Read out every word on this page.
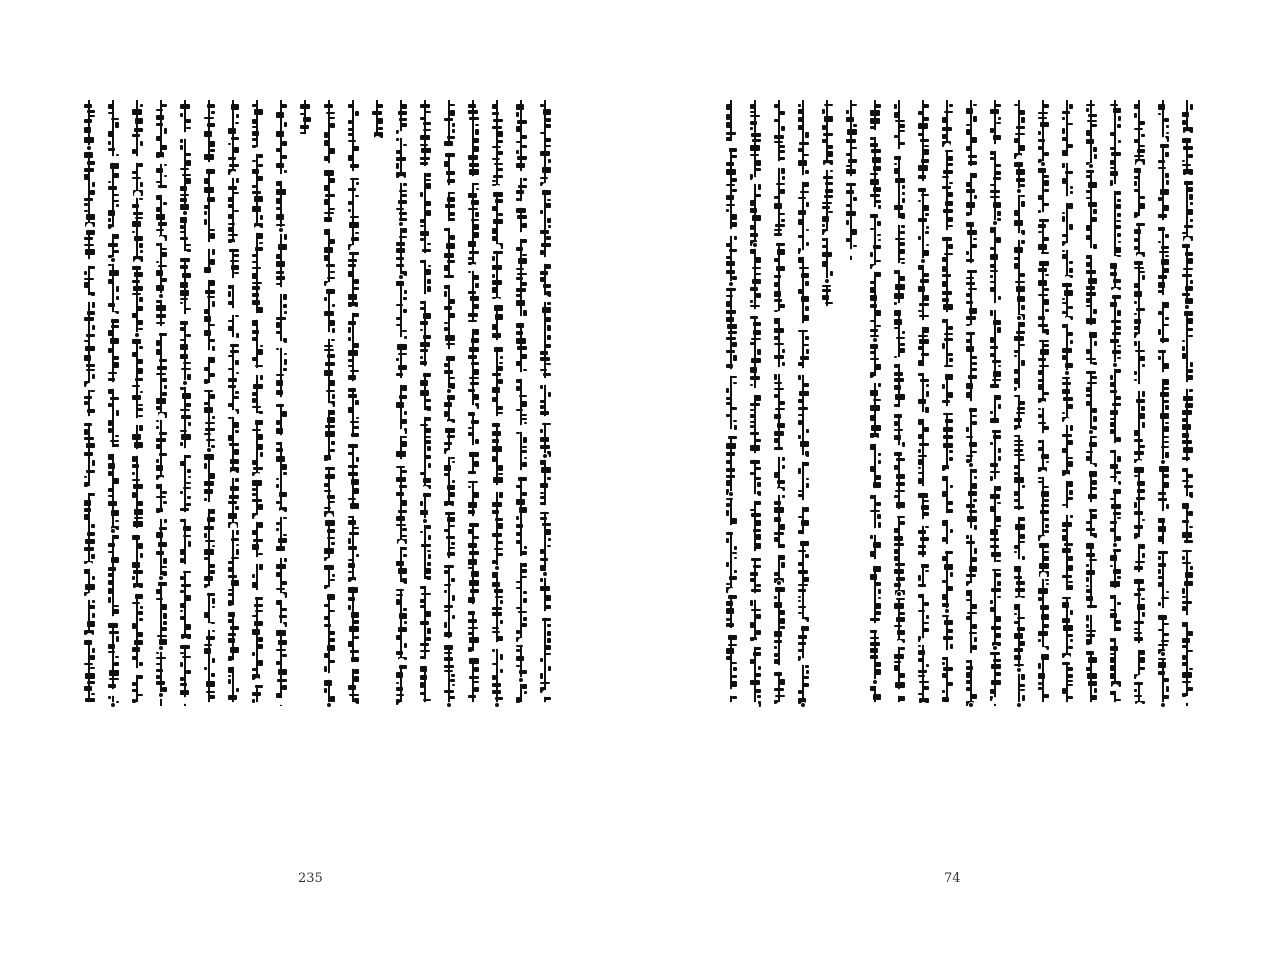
235	74
